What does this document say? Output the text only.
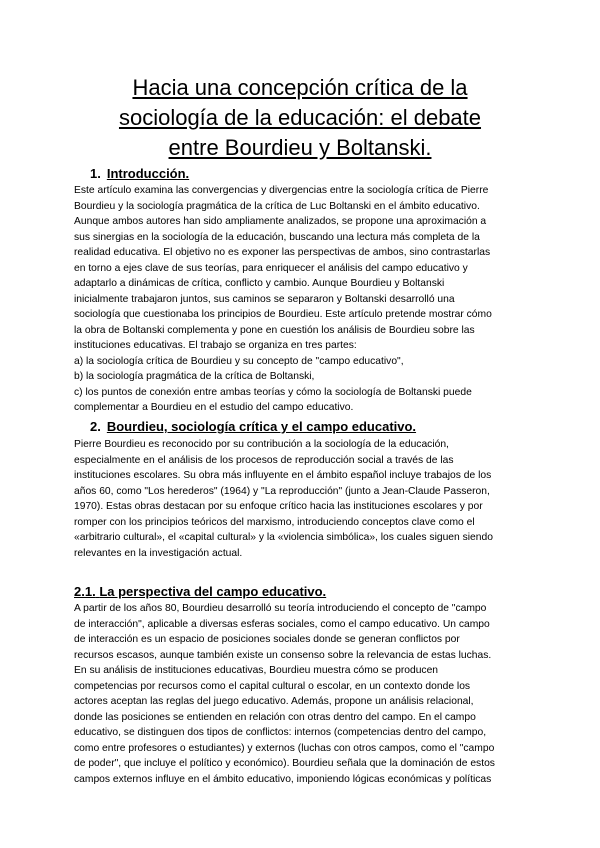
Hacia una concepción crítica de la
sociología de la educación: el debate
entre Bourdieu y Boltanski.
1. Introducción.
Este artículo examina las convergencias y divergencias entre la sociología crítica de Pierre
Bourdieu y la sociología pragmática de la crítica de Luc Boltanski en el ámbito educativo.
Aunque ambos autores han sido ampliamente analizados, se propone una aproximación a
sus sinergias en la sociología de la educación, buscando una lectura más completa de la
realidad educativa. El objetivo no es exponer las perspectivas de ambos, sino contrastarlas
en torno a ejes clave de sus teorías, para enriquecer el análisis del campo educativo y
adaptarlo a dinámicas de crítica, conflicto y cambio. Aunque Bourdieu y Boltanski
inicialmente trabajaron juntos, sus caminos se separaron y Boltanski desarrolló una
sociología que cuestionaba los principios de Bourdieu. Este artículo pretende mostrar cómo
la obra de Boltanski complementa y pone en cuestión los análisis de Bourdieu sobre las
instituciones educativas. El trabajo se organiza en tres partes:
a) la sociología crítica de Bourdieu y su concepto de "campo educativo",
b) la sociología pragmática de la crítica de Boltanski,
c) los puntos de conexión entre ambas teorías y cómo la sociología de Boltanski puede
complementar a Bourdieu en el estudio del campo educativo.
2. Bourdieu, sociología crítica y el campo educativo.
Pierre Bourdieu es reconocido por su contribución a la sociología de la educación,
especialmente en el análisis de los procesos de reproducción social a través de las
instituciones escolares. Su obra más influyente en el ámbito español incluye trabajos de los
años 60, como "Los herederos" (1964) y "La reproducción" (junto a Jean-Claude Passeron,
1970). Estas obras destacan por su enfoque crítico hacia las instituciones escolares y por
romper con los principios teóricos del marxismo, introduciendo conceptos clave como el
«arbitrario cultural», el «capital cultural» y la «violencia simbólica», los cuales siguen siendo
relevantes en la investigación actual.
2.1. La perspectiva del campo educativo.
A partir de los años 80, Bourdieu desarrolló su teoría introduciendo el concepto de "campo
de interacción", aplicable a diversas esferas sociales, como el campo educativo. Un campo
de interacción es un espacio de posiciones sociales donde se generan conflictos por
recursos escasos, aunque también existe un consenso sobre la relevancia de estas luchas.
En su análisis de instituciones educativas, Bourdieu muestra cómo se producen
competencias por recursos como el capital cultural o escolar, en un contexto donde los
actores aceptan las reglas del juego educativo. Además, propone un análisis relacional,
donde las posiciones se entienden en relación con otras dentro del campo. En el campo
educativo, se distinguen dos tipos de conflictos: internos (competencias dentro del campo,
como entre profesores o estudiantes) y externos (luchas con otros campos, como el "campo
de poder", que incluye el político y económico). Bourdieu señala que la dominación de estos
campos externos influye en el ámbito educativo, imponiendo lógicas económicas y políticas
